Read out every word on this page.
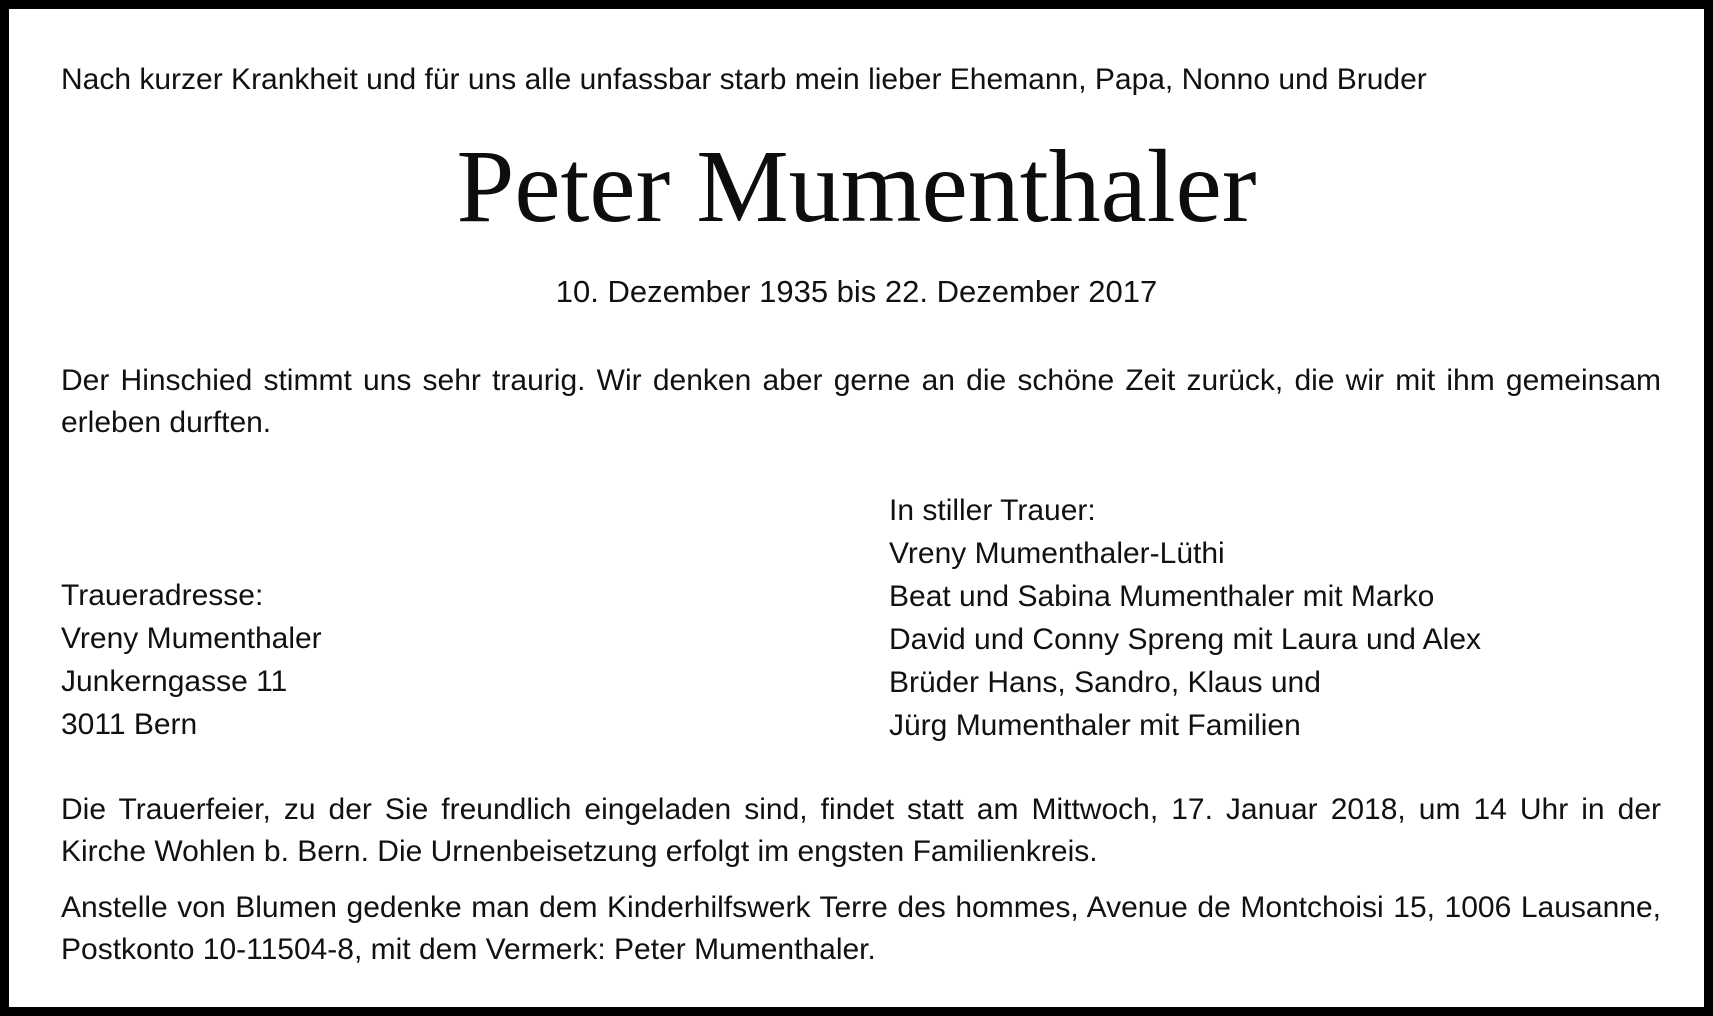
Nach kurzer Krankheit und für uns alle unfassbar starb mein lieber Ehemann, Papa, Nonno und Bruder
Peter Mumenthaler
10. Dezember 1935 bis 22. Dezember 2017
Der Hinschied stimmt uns sehr traurig. Wir denken aber gerne an die schöne Zeit zurück, die wir mit ihm gemeinsam erleben durften.
In stiller Trauer:
Vreny Mumenthaler-Lüthi
Beat und Sabina Mumenthaler mit Marko
David und Conny Spreng mit Laura und Alex
Brüder Hans, Sandro, Klaus und
Jürg Mumenthaler mit Familien
Traueradresse:
Vreny Mumenthaler
Junkerngasse 11
3011 Bern
Die Trauerfeier, zu der Sie freundlich eingeladen sind, findet statt am Mittwoch, 17. Januar 2018, um 14 Uhr in der Kirche Wohlen b. Bern. Die Urnenbeisetzung erfolgt im engsten Familienkreis.
Anstelle von Blumen gedenke man dem Kinderhilfswerk Terre des hommes, Avenue de Montchoisi 15, 1006 Lausanne, Postkonto 10-11504-8, mit dem Vermerk: Peter Mumenthaler.
